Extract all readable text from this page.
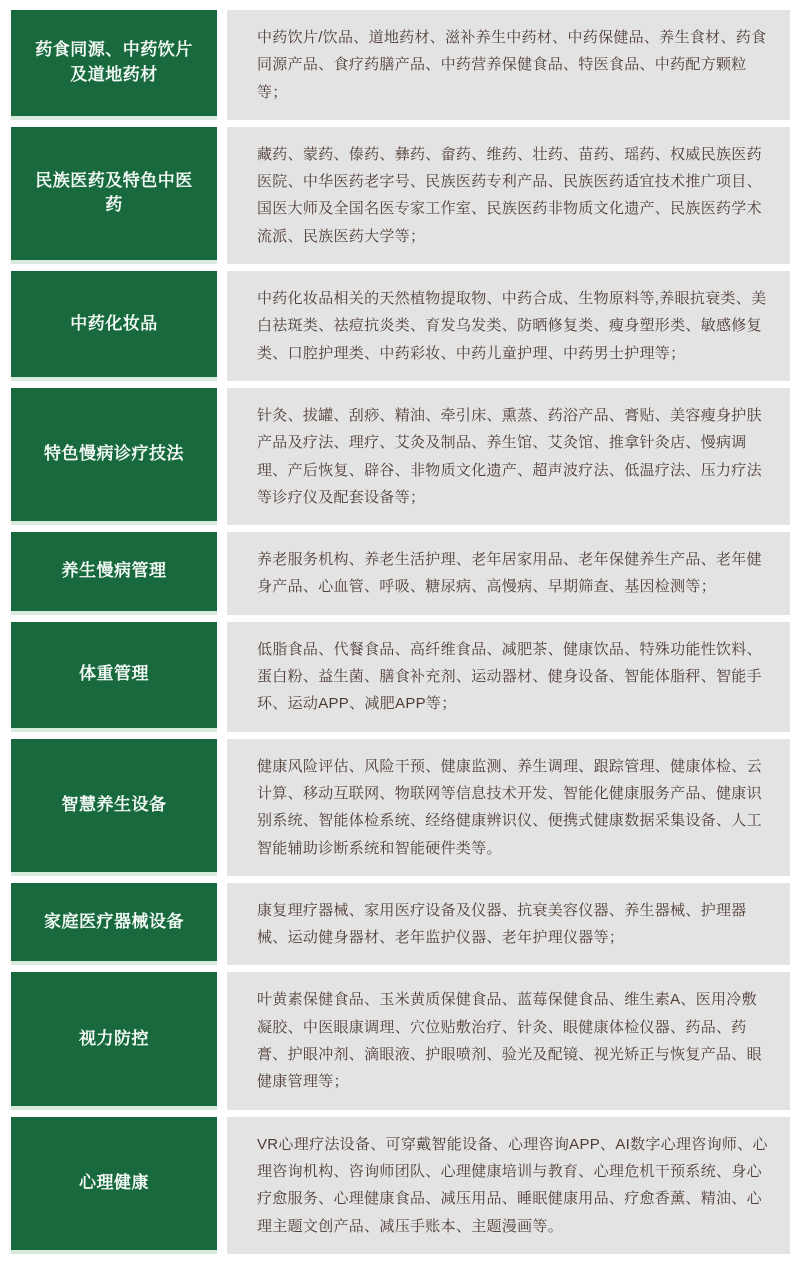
药食同源、中药饮片及道地药材
中药饮片/饮品、道地药材、滋补养生中药材、中药保健品、养生食材、药食同源产品、食疗药膳产品、中药营养保健食品、特医食品、中药配方颗粒等；
民族医药及特色中医药
藏药、蒙药、傣药、彝药、畲药、维药、壮药、苗药、瑶药、权威民族医药医院、中华医药老字号、民族医药专利产品、民族医药适宜技术推广项目、国医大师及全国名医专家工作室、民族医药非物质文化遗产、民族医药学术流派、民族医药大学等；
中药化妆品
中药化妆品相关的天然植物提取物、中药合成、生物原料等,养眼抗衰类、美白祛斑类、祛痘抗炎类、育发乌发类、防晒修复类、瘦身塑形类、敏感修复类、口腔护理类、中药彩妆、中药儿童护理、中药男士护理等；
特色慢病诊疗技法
针灸、拔罐、刮痧、精油、牵引床、熏蒸、药浴产品、膏贴、美容瘦身护肤产品及疗法、理疗、艾灸及制品、养生馆、艾灸馆、推拿针灸店、慢病调理、产后恢复、辟谷、非物质文化遗产、超声波疗法、低温疗法、压力疗法等诊疗仪及配套设备等；
养生慢病管理
养老服务机构、养老生活护理、老年居家用品、老年保健养生产品、老年健身产品、心血管、呼吸、糖尿病、高慢病、早期筛查、基因检测等；
体重管理
低脂食品、代餐食品、高纤维食品、减肥茶、健康饮品、特殊功能性饮料、蛋白粉、益生菌、膳食补充剂、运动器材、健身设备、智能体脂秤、智能手环、运动APP、减肥APP等；
智慧养生设备
健康风险评估、风险干预、健康监测、养生调理、跟踪管理、健康体检、云计算、移动互联网、物联网等信息技术开发、智能化健康服务产品、健康识别系统、智能体检系统、经络健康辨识仪、便携式健康数据采集设备、人工智能辅助诊断系统和智能硬件类等。
家庭医疗器械设备
康复理疗器械、家用医疗设备及仪器、抗衰美容仪器、养生器械、护理器械、运动健身器材、老年监护仪器、老年护理仪器等；
视力防控
叶黄素保健食品、玉米黄质保健食品、蓝莓保健食品、维生素A、医用冷敷凝胶、中医眼康调理、穴位贴敷治疗、针灸、眼健康体检仪器、药品、药膏、护眼冲剂、滴眼液、护眼喷剂、验光及配镜、视光矫正与恢复产品、眼健康管理等；
心理健康
VR心理疗法设备、可穿戴智能设备、心理咨询APP、AI数字心理咨询师、心理咨询机构、咨询师团队、心理健康培训与教育、心理危机干预系统、身心疗愈服务、心理健康食品、减压用品、睡眠健康用品、疗愈香薰、精油、心理主题文创产品、减压手账本、主题漫画等。
